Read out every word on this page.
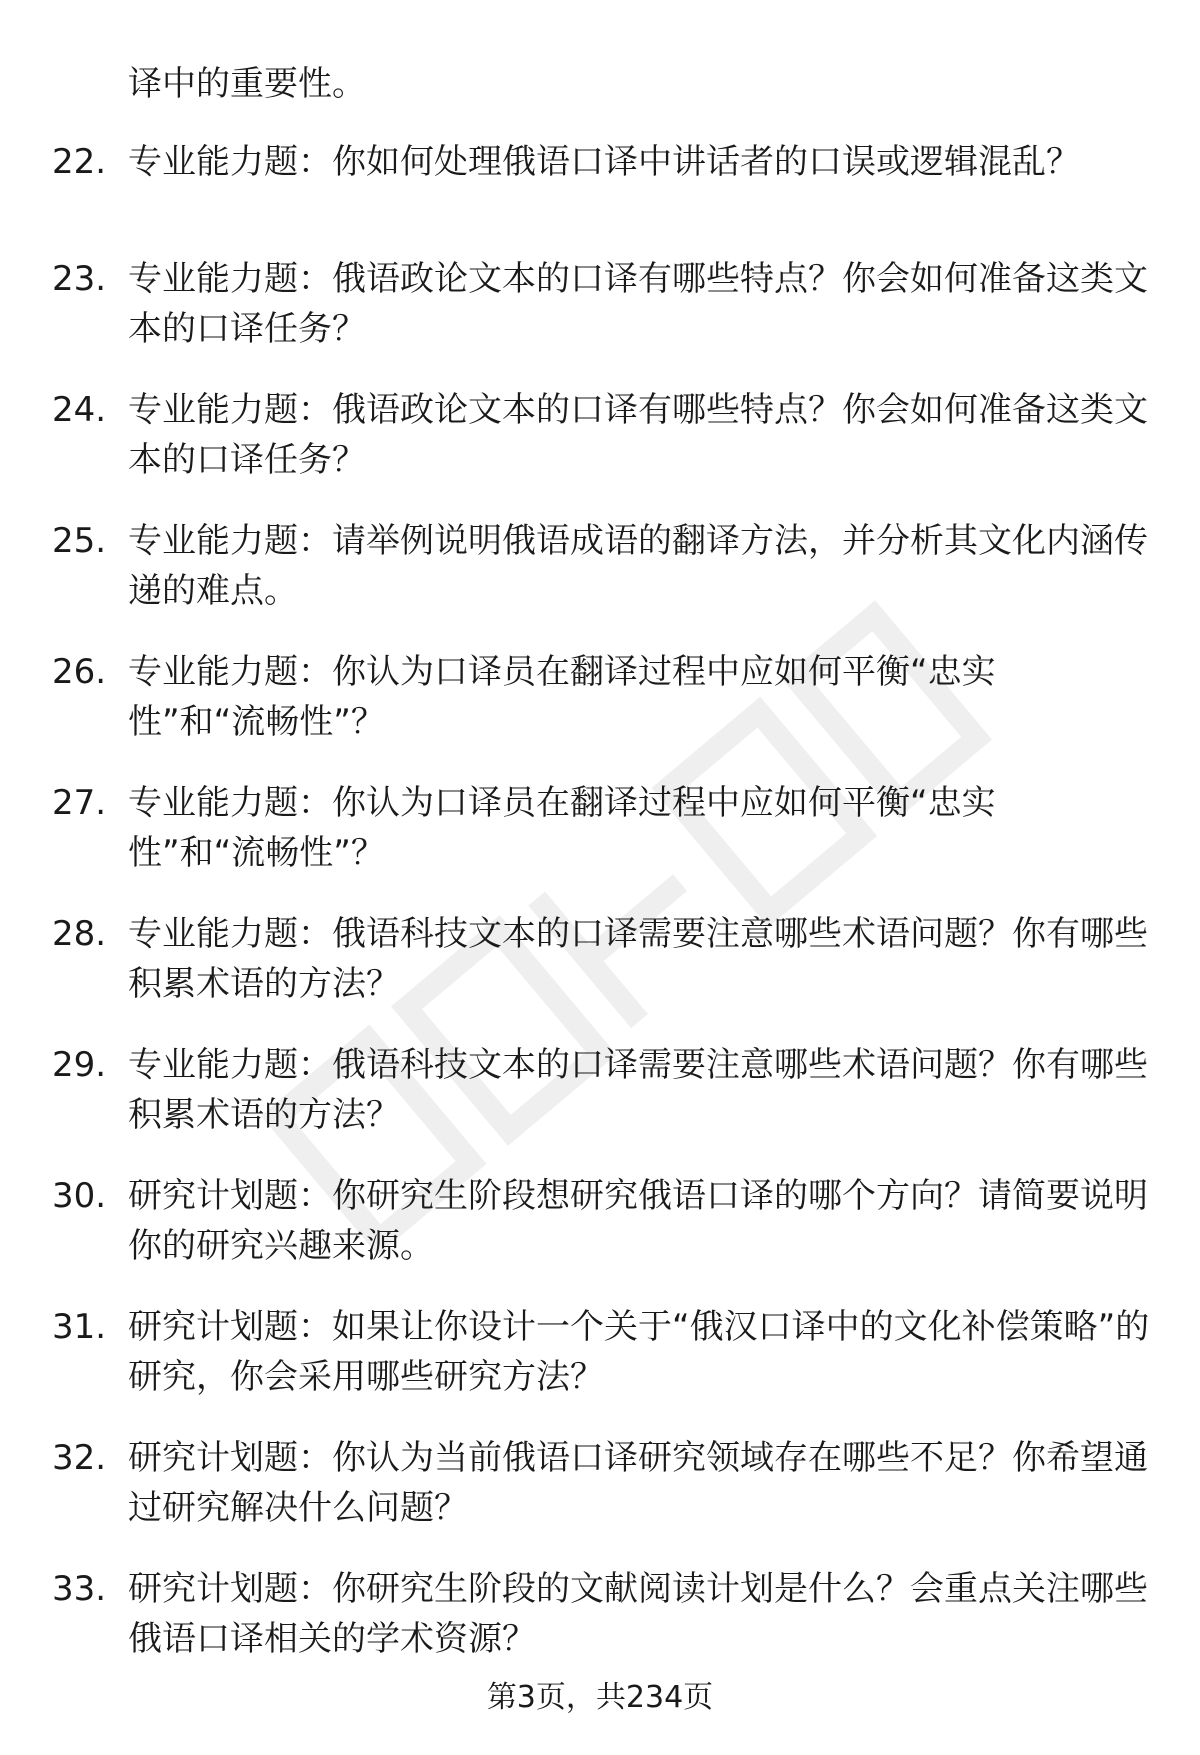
译中的重要性。

22. 专业能力题：你如何处理俄语口译中讲话者的口误或逻辑混乱？

23. 专业能力题：俄语政论文本的口译有哪些特点？你会如何准备这类文本的口译任务？

24. 专业能力题：俄语政论文本的口译有哪些特点？你会如何准备这类文本的口译任务？

25. 专业能力题：请举例说明俄语成语的翻译方法，并分析其文化内涵传递的难点。

26. 专业能力题：你认为口译员在翻译过程中应如何平衡“忠实性”和“流畅性”？

27. 专业能力题：你认为口译员在翻译过程中应如何平衡“忠实性”和“流畅性”？

28. 专业能力题：俄语科技文本的口译需要注意哪些术语问题？你有哪些积累术语的方法？

29. 专业能力题：俄语科技文本的口译需要注意哪些术语问题？你有哪些积累术语的方法？

30. 研究计划题：你研究生阶段想研究俄语口译的哪个方向？请简要说明你的研究兴趣来源。

31. 研究计划题：如果让你设计一个关于“俄汉口译中的文化补偿策略”的研究，你会采用哪些研究方法？

32. 研究计划题：你认为当前俄语口译研究领域存在哪些不足？你希望通过研究解决什么问题？

33. 研究计划题：你研究生阶段的文献阅读计划是什么？会重点关注哪些俄语口译相关的学术资源？

第3页，共234页
